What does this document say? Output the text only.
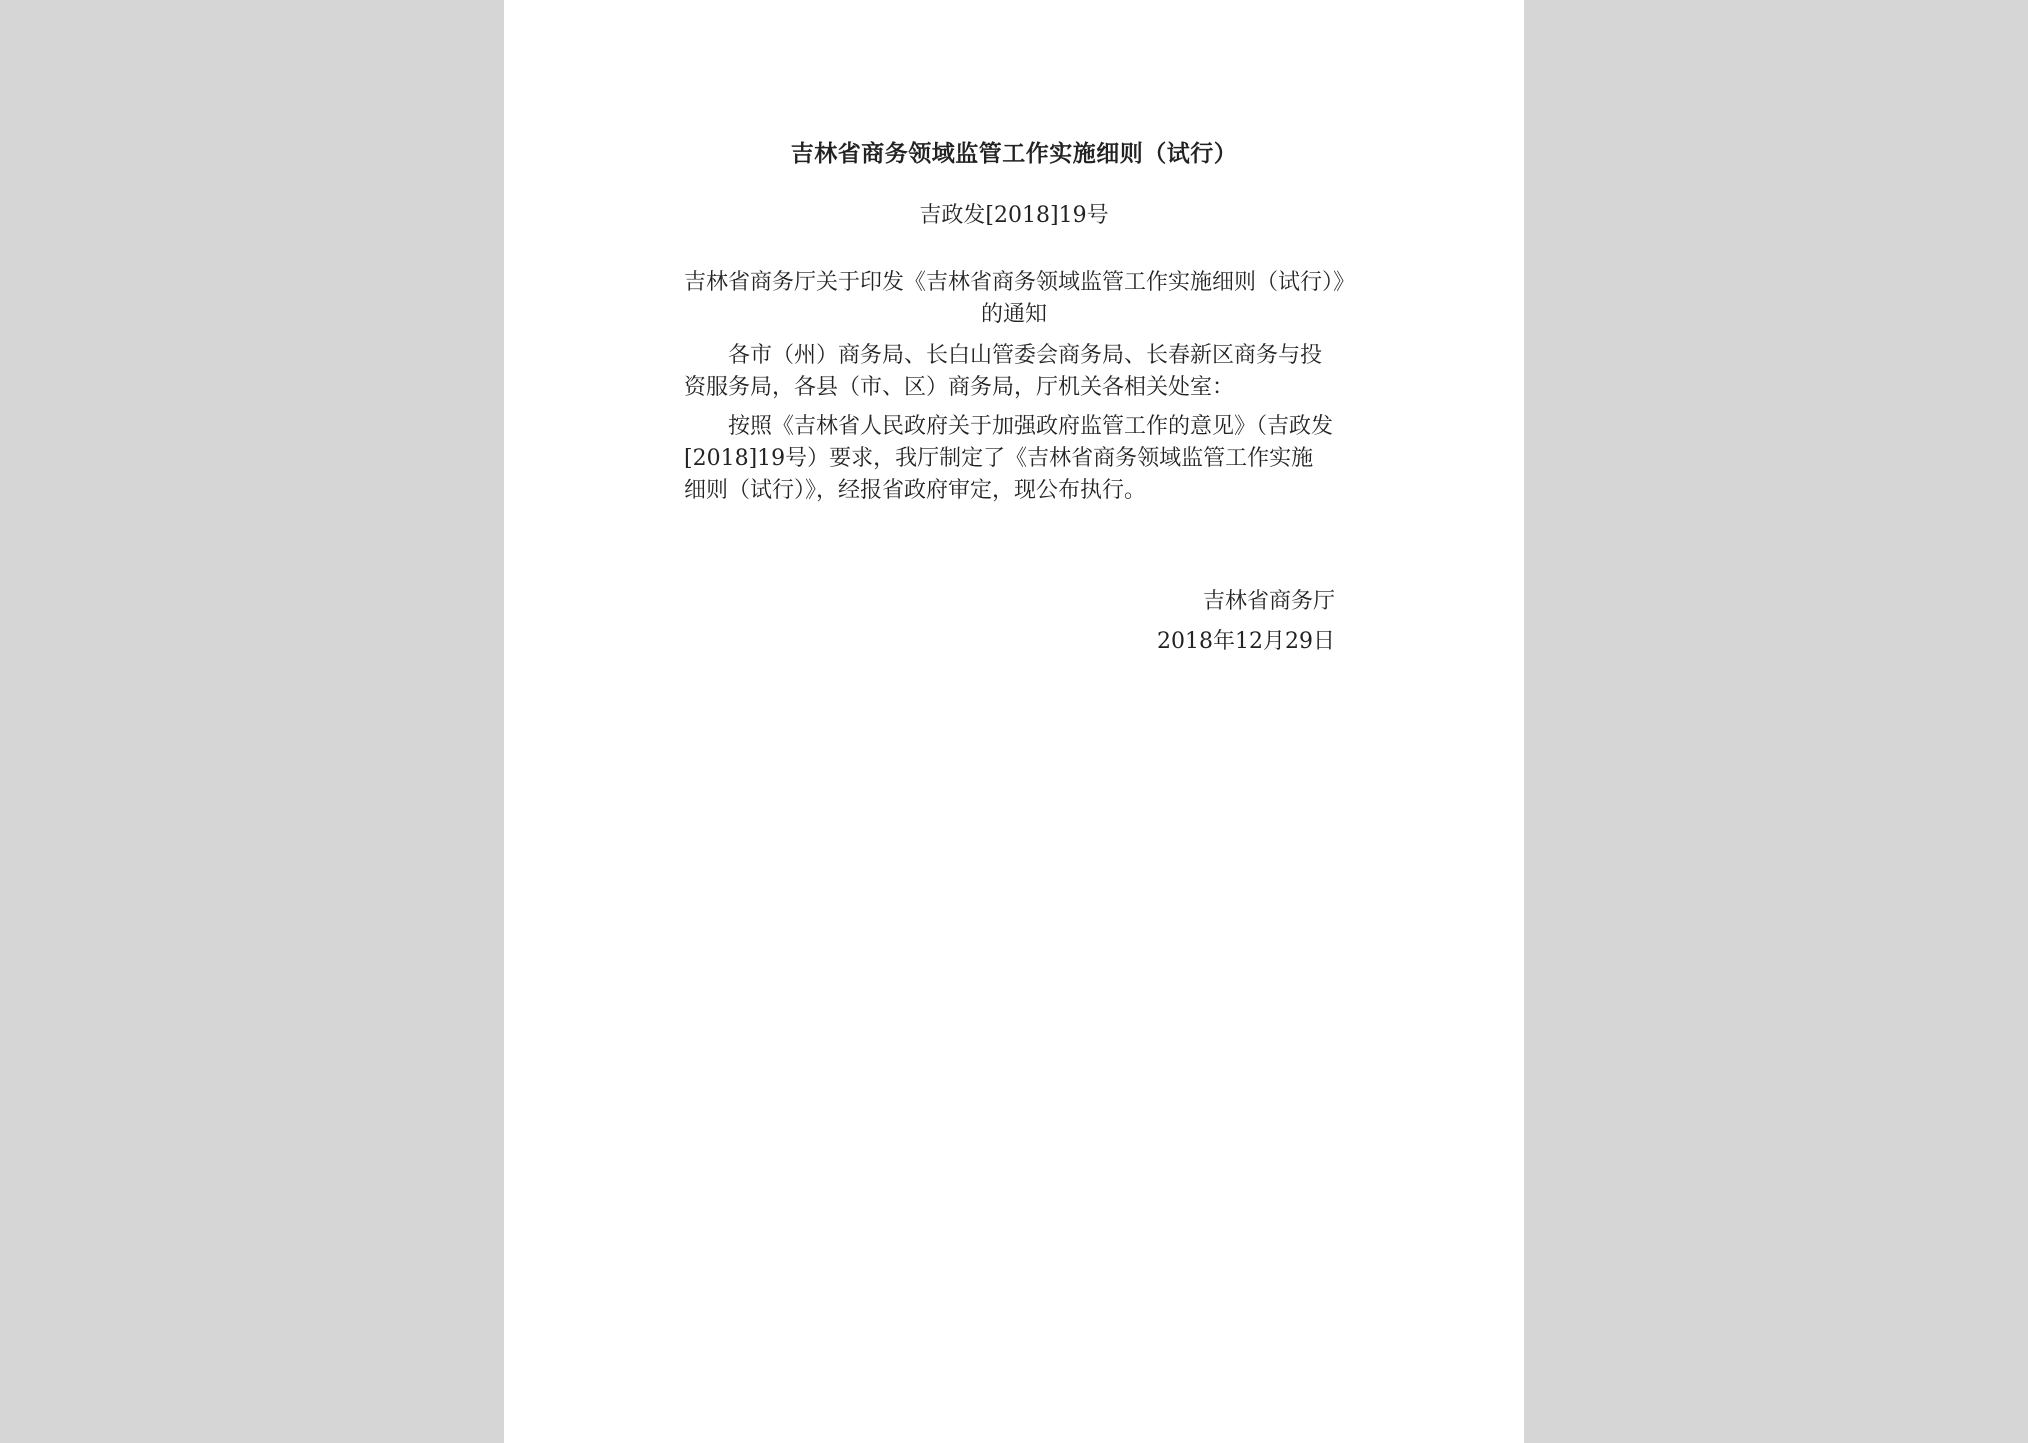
吉林省商务领域监管工作实施细则（试行）
吉政发[2018]19号
吉林省商务厅关于印发《吉林省商务领域监管工作实施细则（试行）》的通知
各市（州）商务局、长白山管委会商务局、长春新区商务与投资服务局，各县（市、区）商务局，厅机关各相关处室：
按照《吉林省人民政府关于加强政府监管工作的意见》（吉政发[2018]19号）要求，我厅制定了《吉林省商务领域监管工作实施细则（试行）》，经报省政府审定，现公布执行。
吉林省商务厅
2018年12月29日
